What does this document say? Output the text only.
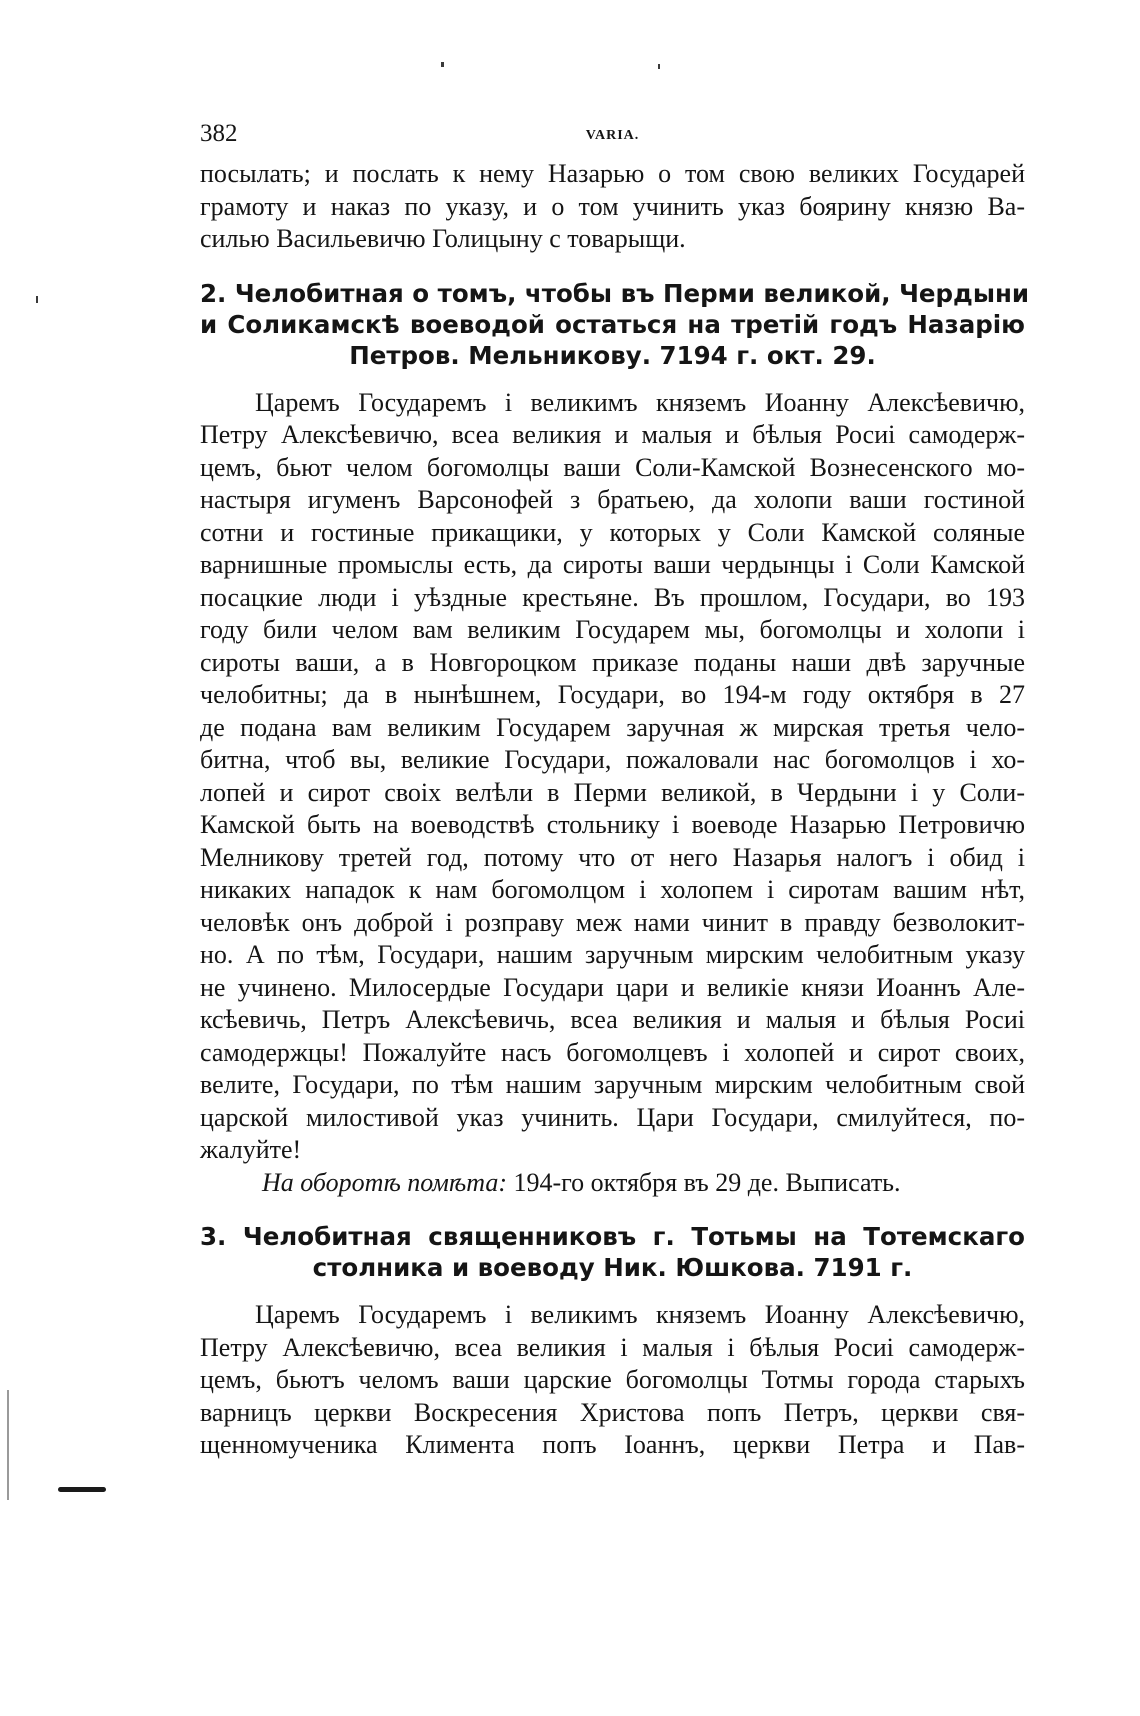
382	VARIA.
посылать; и послать к нему Назарью о том свою великих Государей
грамоту и наказ по указу, и о том учинить указ боярину князю Ва-
силью Васильевичю Голицыну с товарыщи.
2. Челобитная о томъ, чтобы въ Перми великой, Чердыни
и Соликамскѣ воеводой остаться на третій годъ Назарію
Петров. Мельникову. 7194 г. окт. 29.
Царемъ Государемъ і великимъ княземъ Иоанну Алексѣевичю,
Петру Алексѣевичю, всеа великия и малыя и бѣлыя Росиі самодерж-
цемъ, бьют челом богомолцы ваши Соли-Камской Вознесенского мо-
настыря игуменъ Варсонофей з братьею, да холопи ваши гостиной
сотни и гостиные прикащики, у которых у Соли Камской соляные
варнишные промыслы есть, да сироты ваши чердынцы і Соли Камской
посацкие люди і уѣздные крестьяне. Въ прошлом, Государи, во 193
году били челом вам великим Государем мы, богомолцы и холопи і
сироты ваши, а в Новгороцком приказе поданы наши двѣ заручные
челобитны; да в нынѣшнем, Государи, во 194-м году октября в 27
де подана вам великим Государем заручная ж мирская третья чело-
битна, чтоб вы, великие Государи, пожаловали нас богомолцов і хо-
лопей и сирот своіх велѣли в Перми великой, в Чердыни і у Соли-
Камской быть на воеводствѣ стольнику і воеводе Назарью Петровичю
Мелникову третей год, потому что от него Назарья налогъ і обид і
никаких нападок к нам богомолцом і холопем і сиротам вашим нѣт,
человѣк онъ доброй і розправу меж нами чинит в правду безволокит-
но. А по тѣм, Государи, нашим заручным мирским челобитным указу
не учинено. Милосердые Государи цари и великіе князи Иоаннъ Але-
ксѣевичь, Петръ Алексѣевичь, всеа великия и малыя и бѣлыя Росиі
самодержцы! Пожалуйте насъ богомолцевъ і холопей и сирот своих,
велите, Государи, по тѣм нашим заручным мирским челобитным свой
царской милостивой указ учинить. Цари Государи, смилуйтеся, по-
жалуйте!
На оборотѣ помѣта: 194-го октября въ 29 де. Выписать.
3. Челобитная священниковъ г. Тотьмы на Тотемскаго
столника и воеводу Ник. Юшкова. 7191 г.
Царемъ Государемъ і великимъ княземъ Иоанну Алексѣевичю,
Петру Алексѣевичю, всеа великия і малыя і бѣлыя Росиі самодерж-
цемъ, бьютъ челомъ ваши царские богомолцы Тотмы города старыхъ
варницъ церкви Воскресения Христова попъ Петръ, церкви свя-
щенномученика Климента попъ Іоаннъ, церкви Петра и Пав-
